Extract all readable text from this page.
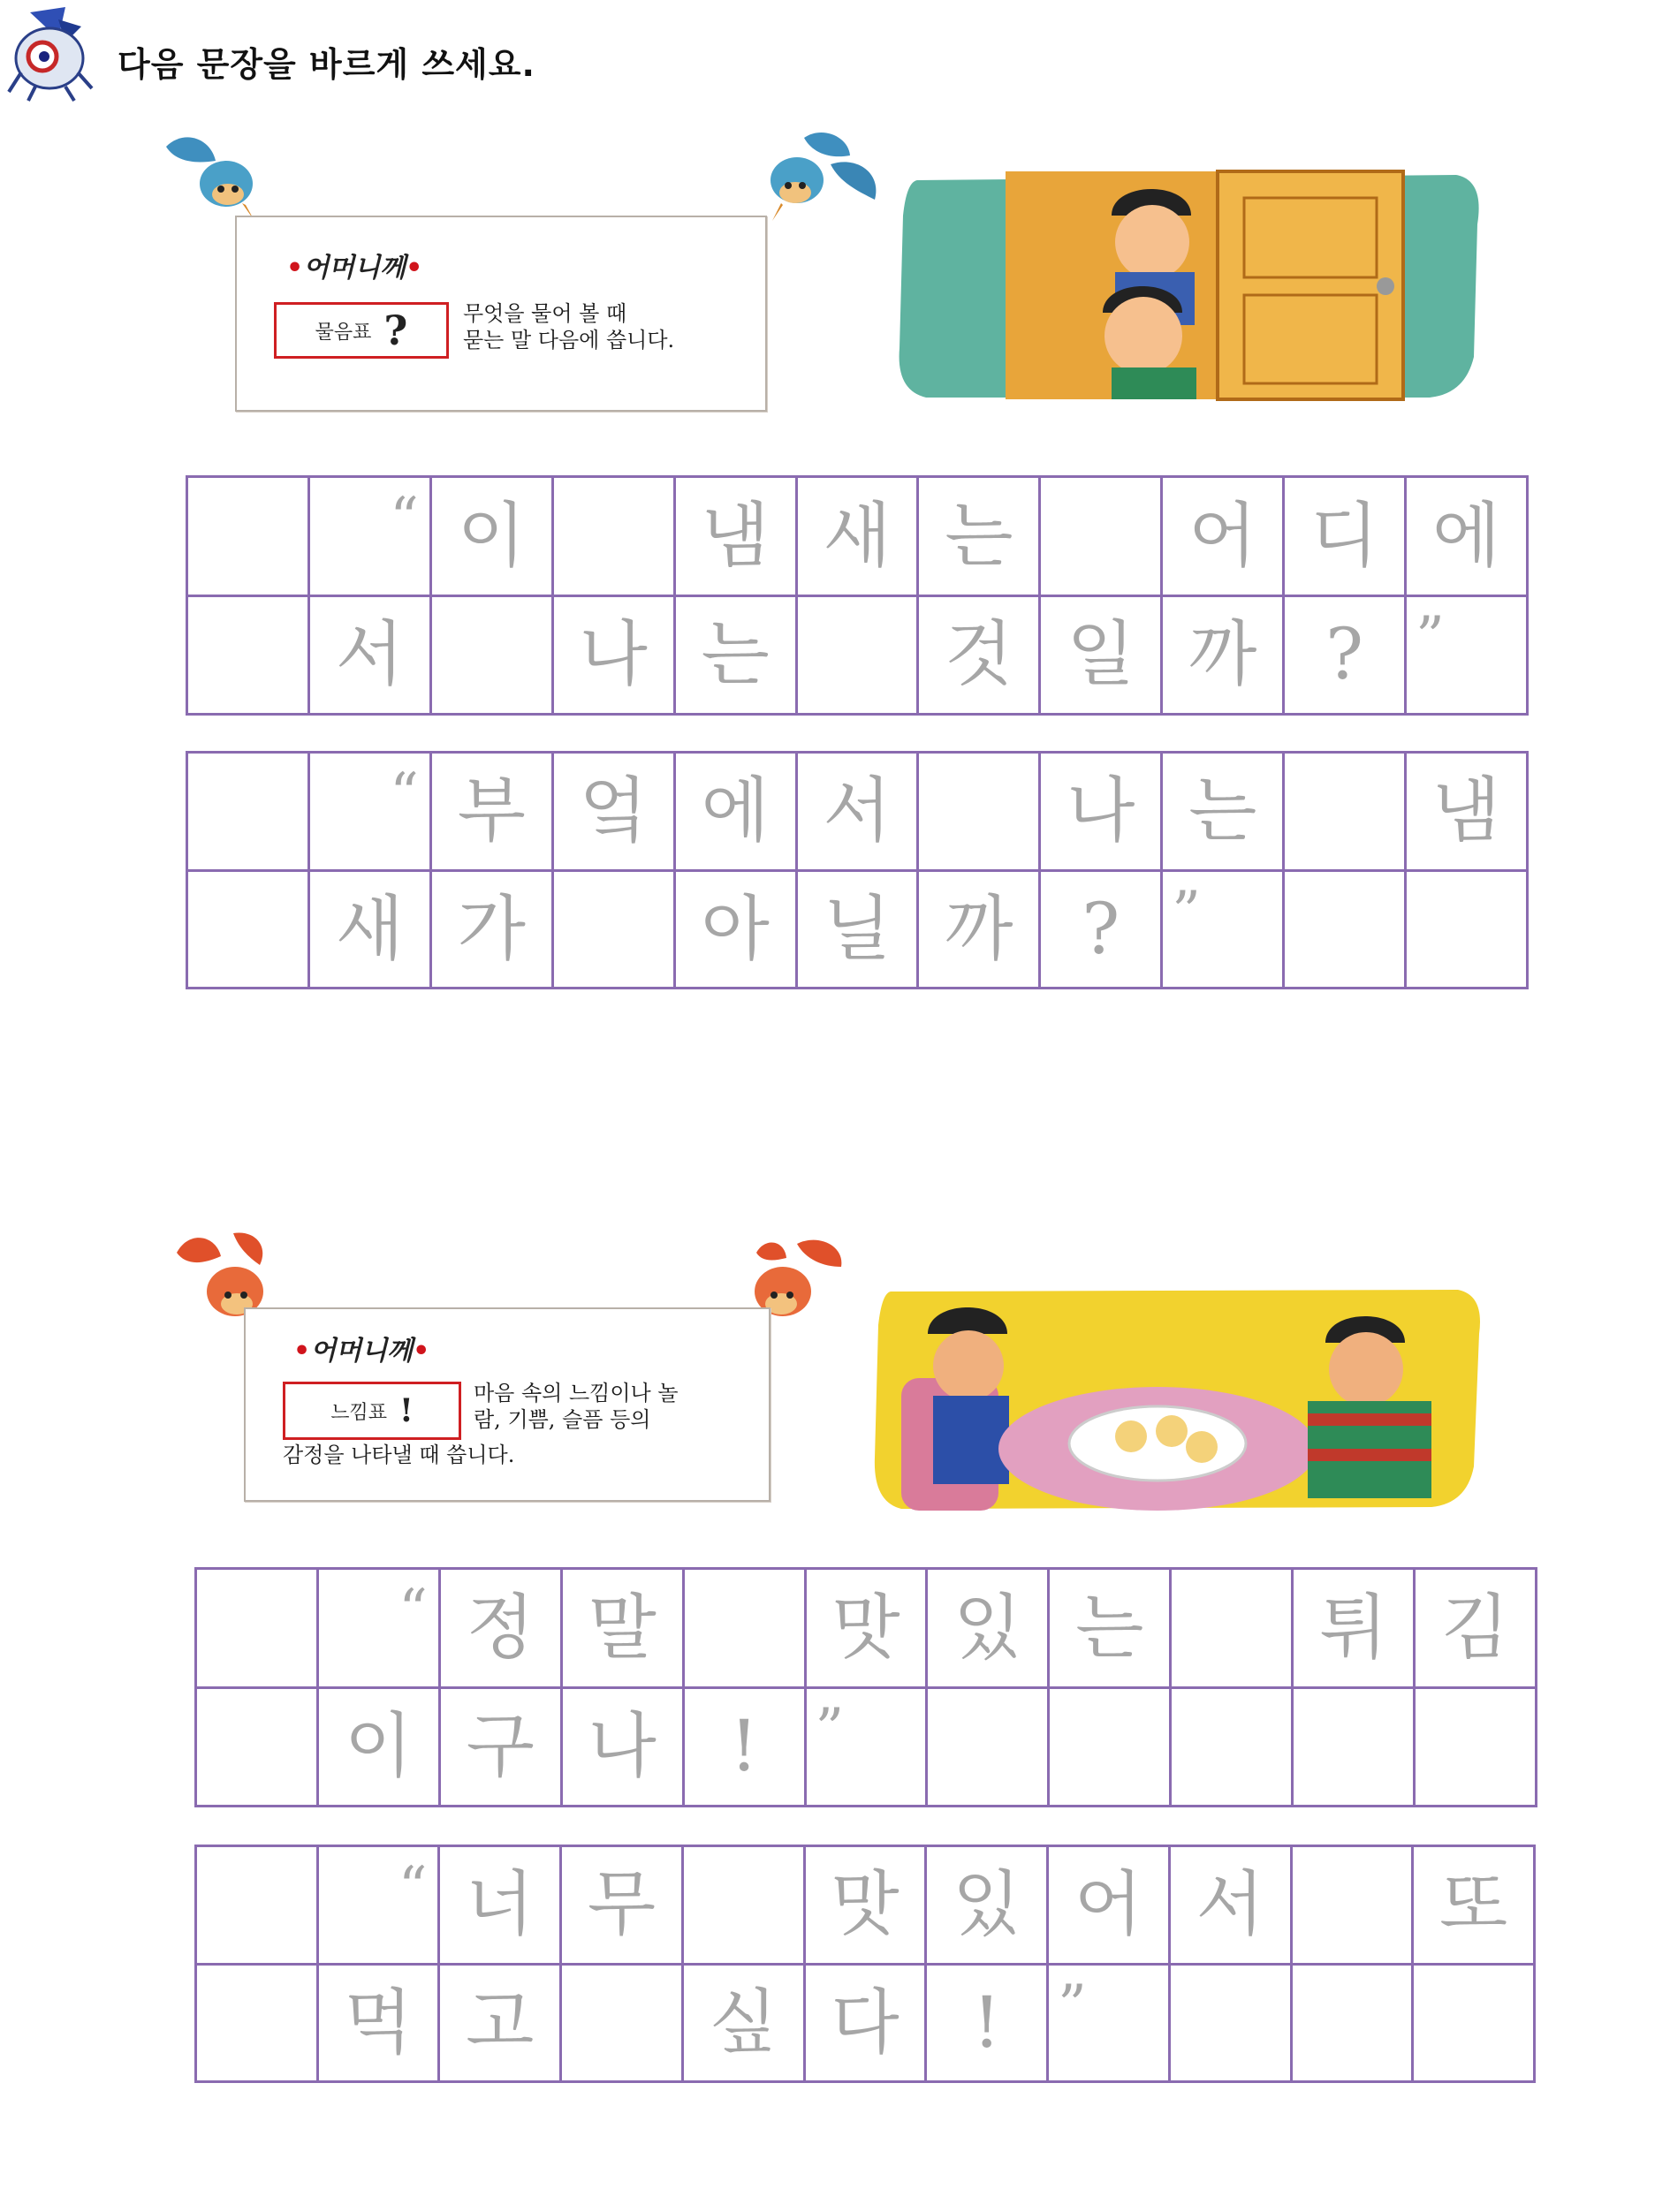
다음 문장을 바르게 쓰세요.
•어머니께•
물음표 ?	무엇을 물어 볼 때
묻는 말 다음에 씁니다.
“ 이	냄 새 는	어 디 에
서	나 는	것 일 까 ? ”
“ 부 엌 에 서	나 는	냄
새 가	아 닐 까 ? ”
•어머니께•
느낌표 !	마음 속의 느낌이나 놀
람, 기쁨, 슬픔 등의
감정을 나타낼 때 씁니다.
“ 정 말	맛 있 는	튀 김
이 구 나	!	”
“ 너 무	맛 있 어 서	또
먹 고	싶 다	!	”
